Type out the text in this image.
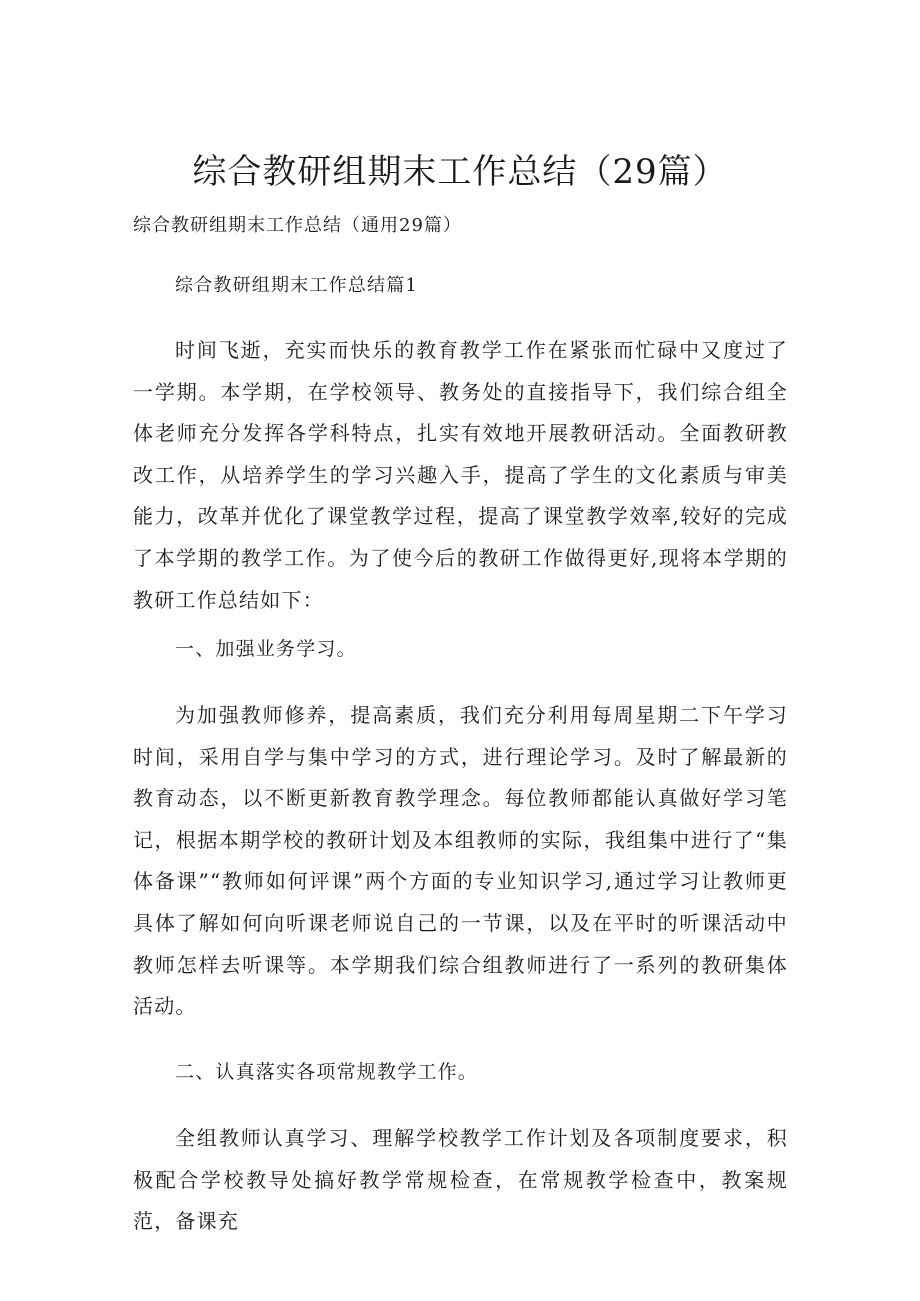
综合教研组期末工作总结（29篇）
综合教研组期末工作总结（通用29篇）
综合教研组期末工作总结篇1

时间飞逝，充实而快乐的教育教学工作在紧张而忙碌中又度过了一学期。本学期，在学校领导、教务处的直接指导下，我们综合组全体老师充分发挥各学科特点，扎实有效地开展教研活动。全面教研教改工作，从培养学生的学习兴趣入手，提高了学生的文化素质与审美能力，改革并优化了课堂教学过程，提高了课堂教学效率,较好的完成了本学期的教学工作。为了使今后的教研工作做得更好,现将本学期的教研工作总结如下：

一、加强业务学习。

为加强教师修养，提高素质，我们充分利用每周星期二下午学习时间，采用自学与集中学习的方式，进行理论学习。及时了解最新的教育动态，以不断更新教育教学理念。每位教师都能认真做好学习笔记，根据本期学校的教研计划及本组教师的实际，我组集中进行了“集体备课”“教师如何评课”两个方面的专业知识学习,通过学习让教师更具体了解如何向听课老师说自己的一节课，以及在平时的听课活动中教师怎样去听课等。本学期我们综合组教师进行了一系列的教研集体活动。

二、认真落实各项常规教学工作。

全组教师认真学习、理解学校教学工作计划及各项制度要求，积极配合学校教导处搞好教学常规检查，在常规教学检查中，教案规范，备课充
